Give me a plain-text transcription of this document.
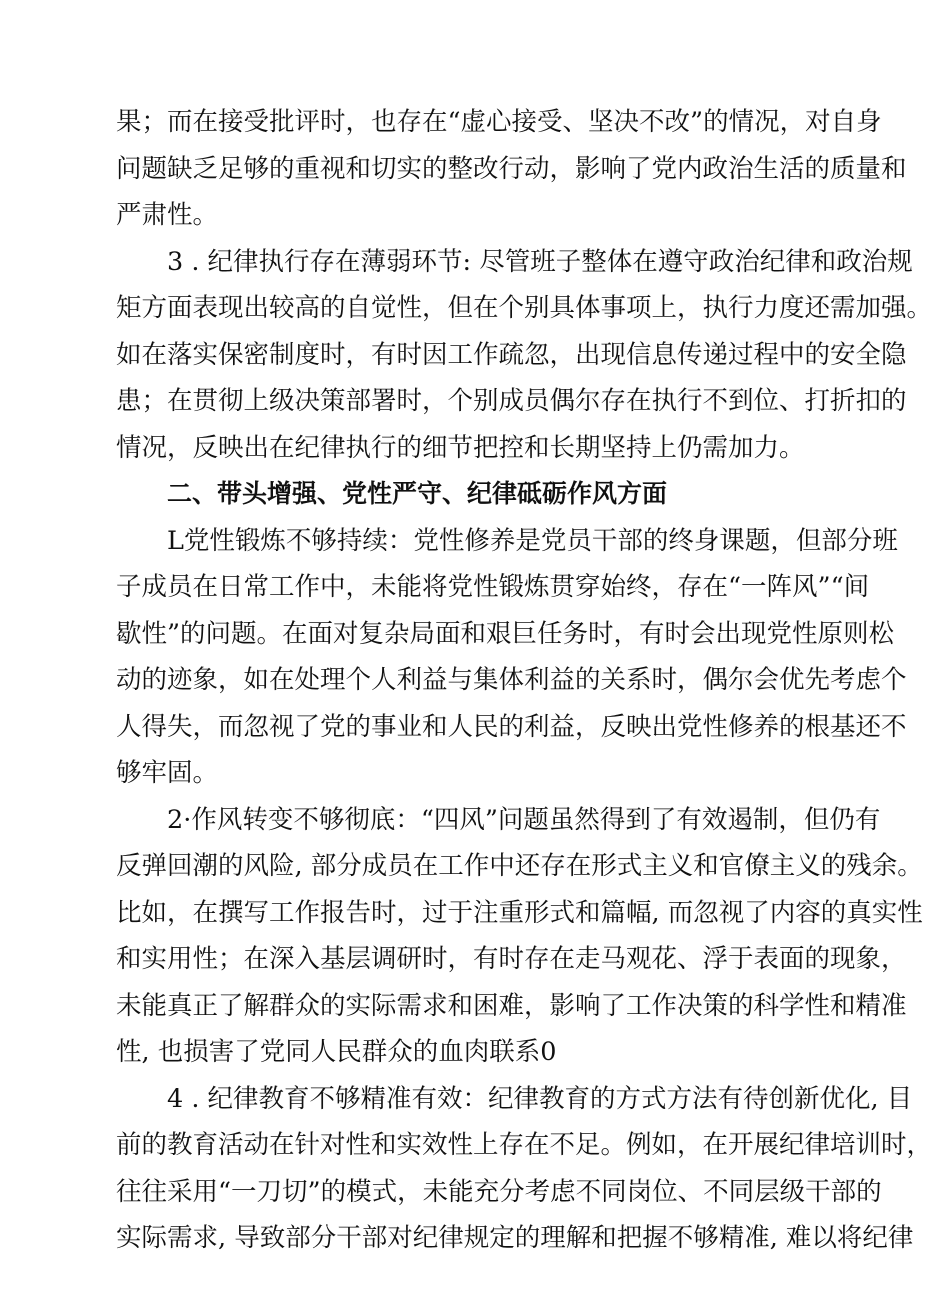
果；而在接受批评时，也存在“虚心接受、坚决不改”的情况，对自身
问题缺乏足够的重视和切实的整改行动，影响了党内政治生活的质量和
严肃性。
3 . 纪律执行存在薄弱环节: 尽管班子整体在遵守政治纪律和政治规
矩方面表现出较高的自觉性，但在个别具体事项上，执行力度还需加强。
如在落实保密制度时，有时因工作疏忽，出现信息传递过程中的安全隐
患；在贯彻上级决策部署时，个别成员偶尔存在执行不到位、打折扣的
情况，反映出在纪律执行的细节把控和长期坚持上仍需加力。
二、带头增强、党性严守、纪律砥砺作风方面
L党性锻炼不够持续：党性修养是党员干部的终身课题，但部分班
子成员在日常工作中，未能将党性锻炼贯穿始终，存在“一阵风”“间
歇性”的问题。在面对复杂局面和艰巨任务时，有时会出现党性原则松
动的迹象，如在处理个人利益与集体利益的关系时，偶尔会优先考虑个
人得失，而忽视了党的事业和人民的利益，反映出党性修养的根基还不
够牢固。
2·作风转变不够彻底：“四风”问题虽然得到了有效遏制，但仍有
反弹回潮的风险, 部分成员在工作中还存在形式主义和官僚主义的残余。
比如，在撰写工作报告时，过于注重形式和篇幅, 而忽视了内容的真实性
和实用性；在深入基层调研时，有时存在走马观花、浮于表面的现象，
未能真正了解群众的实际需求和困难，影响了工作决策的科学性和精准
性, 也损害了党同人民群众的血肉联系0
4 . 纪律教育不够精准有效：纪律教育的方式方法有待创新优化, 目
前的教育活动在针对性和实效性上存在不足。例如，在开展纪律培训时，
往往采用“一刀切”的模式，未能充分考虑不同岗位、不同层级干部的
实际需求, 导致部分干部对纪律规定的理解和把握不够精准, 难以将纪律
